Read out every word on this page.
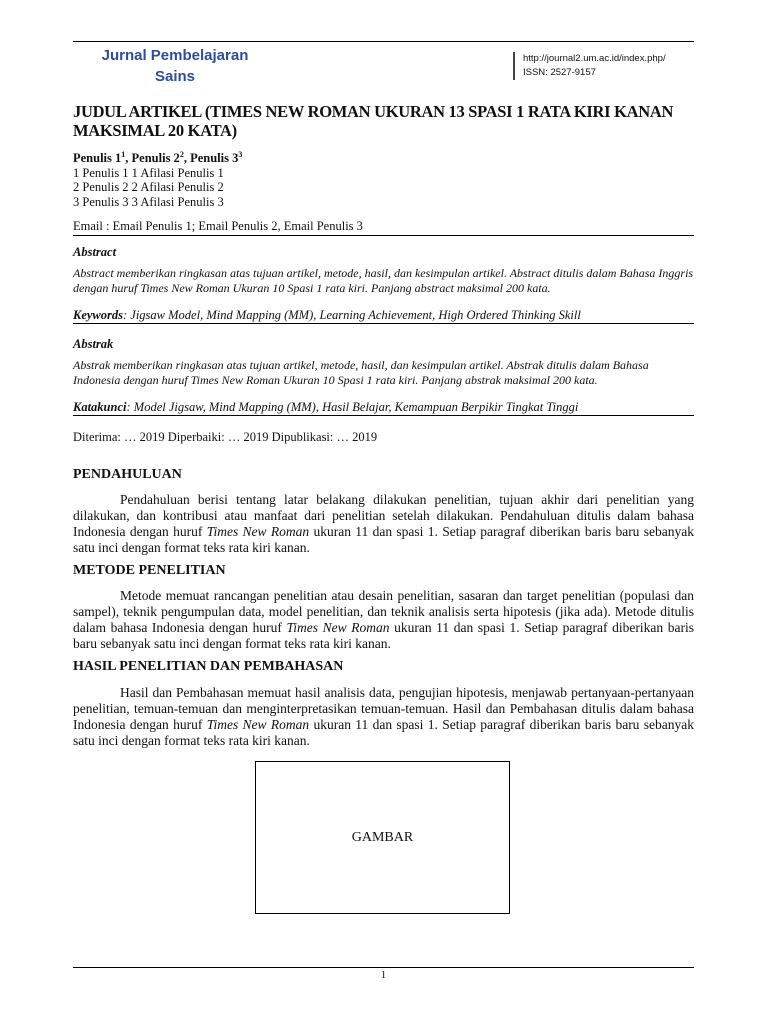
Jurnal Pembelajaran
Sains
http://journal2.um.ac.id/index.php/
ISSN: 2527-9157
JUDUL ARTIKEL (TIMES NEW ROMAN UKURAN 13 SPASI 1 RATA KIRI KANAN MAKSIMAL 20 KATA)
Penulis $1^1$, Penulis $2^2$, Penulis $3^3$
1 Penulis 1 1 Afilasi Penulis 1
2 Penulis 2 2 Afilasi Penulis 2
3 Penulis 3 3 Afilasi Penulis 3
Email : Email Penulis 1; Email Penulis 2, Email Penulis 3
Abstract
Abstract memberikan ringkasan atas tujuan artikel, metode, hasil, dan kesimpulan artikel. Abstract ditulis dalam Bahasa Inggris dengan huruf Times New Roman Ukuran 10 Spasi 1 rata kiri. Panjang abstract maksimal 200 kata.
Keywords: Jigsaw Model, Mind Mapping (MM), Learning Achievement, High Ordered Thinking Skill
Abstrak
Abstrak memberikan ringkasan atas tujuan artikel, metode, hasil, dan kesimpulan artikel. Abstrak ditulis dalam Bahasa Indonesia dengan huruf Times New Roman Ukuran 10 Spasi 1 rata kiri. Panjang abstrak maksimal 200 kata.
Katakunci: Model Jigsaw, Mind Mapping (MM), Hasil Belajar, Kemampuan Berpikir Tingkat Tinggi
Diterima: … 2019 Diperbaiki: … 2019 Dipublikasi: … 2019
PENDAHULUAN

Pendahuluan berisi tentang latar belakang dilakukan penelitian, tujuan akhir dari penelitian yang dilakukan, dan kontribusi atau manfaat dari penelitian setelah dilakukan. Pendahuluan ditulis dalam bahasa Indonesia dengan huruf Times New Roman ukuran 11 dan spasi 1. Setiap paragraf diberikan baris baru sebanyak satu inci dengan format teks rata kiri kanan.

METODE PENELITIAN

Metode memuat rancangan penelitian atau desain penelitian, sasaran dan target penelitian (populasi dan sampel), teknik pengumpulan data, model penelitian, dan teknik analisis serta hipotesis (jika ada). Metode ditulis dalam bahasa Indonesia dengan huruf Times New Roman ukuran 11 dan spasi 1. Setiap paragraf diberikan baris baru sebanyak satu inci dengan format teks rata kiri kanan.

HASIL PENELITIAN DAN PEMBAHASAN

Hasil dan Pembahasan memuat hasil analisis data, pengujian hipotesis, menjawab pertanyaan-pertanyaan penelitian, temuan-temuan dan menginterpretasikan temuan-temuan. Hasil dan Pembahasan ditulis dalam bahasa Indonesia dengan huruf Times New Roman ukuran 11 dan spasi 1. Setiap paragraf diberikan baris baru sebanyak satu inci dengan format teks rata kiri kanan.

GAMBAR
1
